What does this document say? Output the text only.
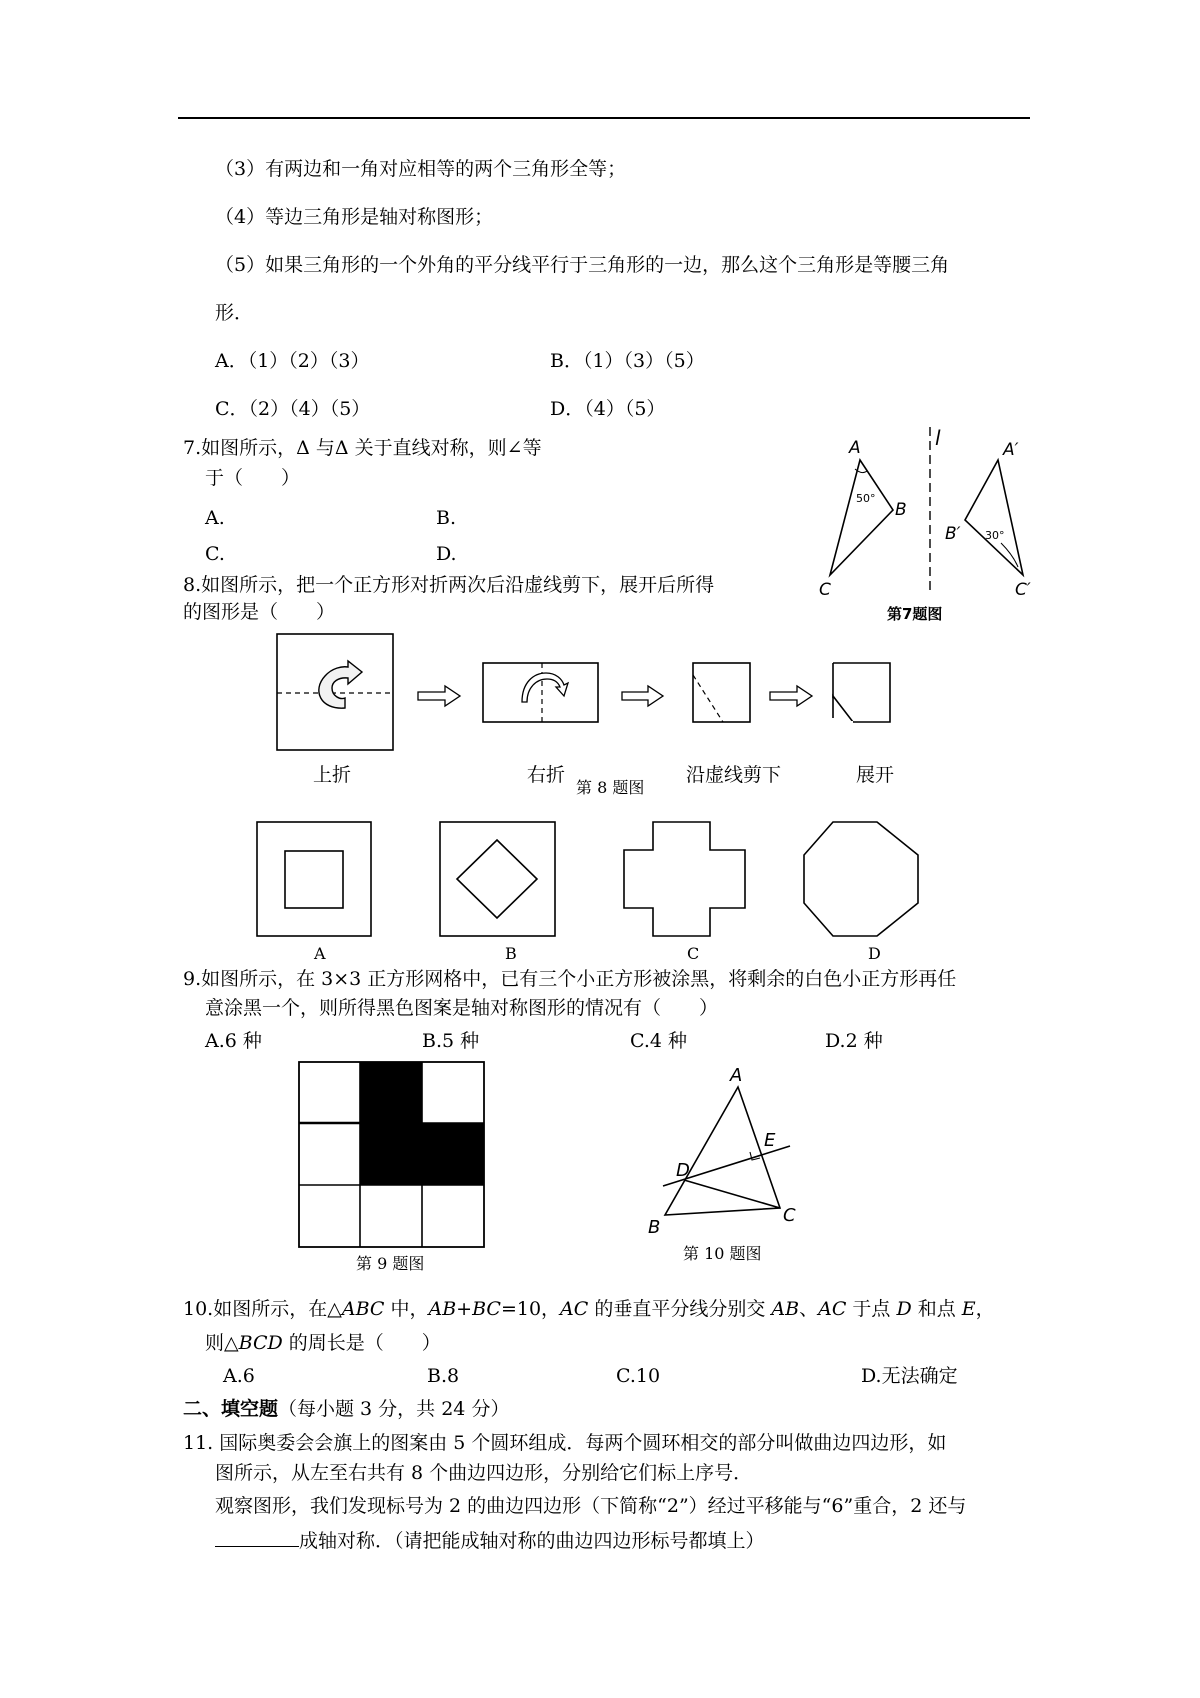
（3）有两边和一角对应相等的两个三角形全等；
（4）等边三角形是轴对称图形；
（5）如果三角形的一个外角的平分线平行于三角形的一边，那么这个三角形是等腰三角
形．
A．（1）（2）（3）	B．（1）（3）（5）
C．（2）（4）（5）	D．（4）（5）
7.如图所示，Δ 与Δ 关于直线对称，则∠等
于（　　）
A.	B.
C.	D.
l
A
B
C
50°
A′
B′
C′
30°
第7题图
8.如图所示，把一个正方形对折两次后沿虚线剪下，展开后所得
的图形是（　　）
上折	右折
第 8 题图
沿虚线剪下	展开
A	B	C	D
9.如图所示，在 3×3 正方形网格中，已有三个小正方形被涂黑，将剩余的白色小正方形再任
意涂黑一个，则所得黑色图案是轴对称图形的情况有（　　）
A.6 种	B.5 种	C.4 种	D.2 种
第 9 题图
A
B
C
D
E
第 10 题图
10.如图所示，在△ABC 中，AB+BC=10，AC 的垂直平分线分别交 AB、AC 于点 D 和点 E，
则△BCD 的周长是（　　）
A.6	B.8	C.10	D.无法确定
二、填空题（每小题 3 分，共 24 分）
11. 国际奥委会会旗上的图案由 5 个圆环组成．每两个圆环相交的部分叫做曲边四边形，如
图所示，从左至右共有 8 个曲边四边形，分别给它们标上序号．
观察图形，我们发现标号为 2 的曲边四边形（下简称“2”）经过平移能与“6”重合，2 还与
成轴对称．（请把能成轴对称的曲边四边形标号都填上）
